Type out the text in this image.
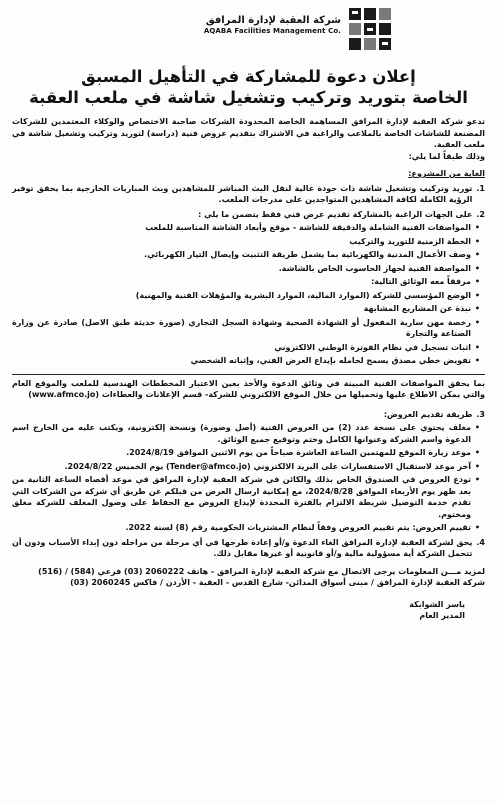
شركة العقبة لإدارة المرافق
AQABA Facilities Management Co.
إعلان دعوة للمشاركة في التأهيل المسبق
الخاصة بتوريد وتركيب وتشغيل شاشة في ملعب العقبة

تدعو شركة العقبة لإدارة المرافق المساهمة الخاصة المحدودة الشركات صاحبة الاختصاص والوكلاء المعتمدين للشركات المصنعة للشاشات الخاصة بالملاعب والراغبة في الاشتراك بتقديم عروض فنية (دراسة) لتوريد وتركيب وتشغيل شاشة في ملعب العقبة.

وذلك طبقاً لما يلي:

الغاية من المشروع:

1.
توريد وتركيب وتشغيل شاشة ذات جودة عالية لنقل البث المباشر للمشاهدين وبث المباريات الخارجية بما يحقق توفير الرؤية الكاملة لكافة المشاهدين المتواجدين على مدرجات الملعب.
2.
على الجهات الراغبة بالمشاركة تقديم عرض فني فقط يتضمن ما يلي :
• المواصفات الفنية الشاملة والدقيقة للشاشة - موقع وأبعاد الشاشة المناسبة للملعب
• الخطة الزمنية للتوريد والتركيب
• وصف الأعمال المدنية والكهربائية بما يشمل طريقة التثبيت وإيصال التيار الكهربائي.
• المواصفة الفنية لجهاز الحاسوب الخاص بالشاشة.
• مرفقاً معه الوثائق التالية:
• الوضع المؤسسي للشركة (الموارد المالية، الموارد البشرية والمؤهلات الفنية والمهنية)
• نبذة عن المشاريع المشابهة
• رخصة مهن سارية المفعول أو الشهادة الصحية وشهادة السجل التجاري (صورة حديثة طبق الاصل) صادرة عن وزارة الصناعة والتجارة
• اثبات تسجيل في نظام الفوترة الوطني الالكتروني
• تفويض خطي مصدق يسمح لحامله بإيداع العرض الفني، وإثباته الشخصي

بما يحقق المواصفات الفنية المبينة في وثائق الدعوة والأخذ بعين الاعتبار المخططات الهندسية للملعب والموقع العام والتي يمكن الاطلاع عليها وتحميلها من خلال الموقع الالكتروني للشركة- قسم الإعلانات والعطاءات (www.afmco.jo)

3.
طريقة تقديم العروض:
• مغلف يحتوي على نسخة عدد (2) من العروض الفنية (أصل وصورة) ونسخة إلكترونية، ويكتب عليه من الخارج اسم الدعوة واسم الشركة وعنوانها الكامل وختم وتوقيع جميع الوثائق.
• موعد زيارة الموقع للمهتمين الساعة العاشرة صباحاً من يوم الاثنين الموافق 2024/8/19.
• آخر موعد لاستقبال الاستفسارات على البريد الالكتروني (Tender@afmco.jo) يوم الخميس 2024/8/22.
• تودع العروض في الصندوق الخاص بذلك والكائن في شركة العقبة لإدارة المرافق في موعد أقصاه الساعة الثانية من بعد ظهر يوم الأربعاء الموافق 2024/8/28، مع إمكانية ارسال العرض من قبلكم عن طريق أي شركة من الشركات التي تقدم خدمة التوصيل شريطة الالتزام بالفترة المحددة لإيداع العروض مع الحفاظ على وصول المغلف للشركة مغلق ومختوم.
• تقييم العروض: يتم تقييم العروض وفقاً لنظام المشتريات الحكومية رقم (8) لسنة 2022.
4.
يحق لشركة العقبة لإدارة المرافق الغاء الدعوة و/أو إعادة طرحها في أي مرحلة من مراحله دون إبداء الأسباب ودون أن تتحمل الشركة أية مسؤولية مالية و/أو قانونية أو غيرها مقابل ذلك.

لمزيد مـــن المعلومات يرجى الاتصال مع شركة العقبة لإدارة المرافق - هاتف 2060222 (03) فرعي (584) / (516)

شركة العقبة لإدارة المرافق / مبنى أسواق المدائن- شارع القدس - العقبة - الأردن / فاكس 2060245 (03)

ياسر الشوابكة
المدير العام
